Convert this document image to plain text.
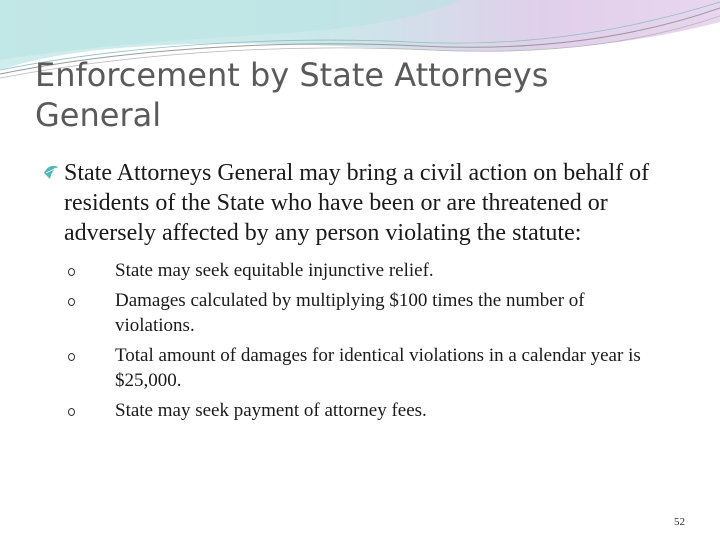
Enforcement by State Attorneys General
State Attorneys General may bring a civil action on behalf of residents of the State who have been or are threatened or adversely affected by any person violating the statute:
State may seek equitable injunctive relief.
Damages calculated by multiplying $100 times the number of violations.
Total amount of damages for identical violations in a calendar year is $25,000.
State may seek payment of attorney fees.
52
